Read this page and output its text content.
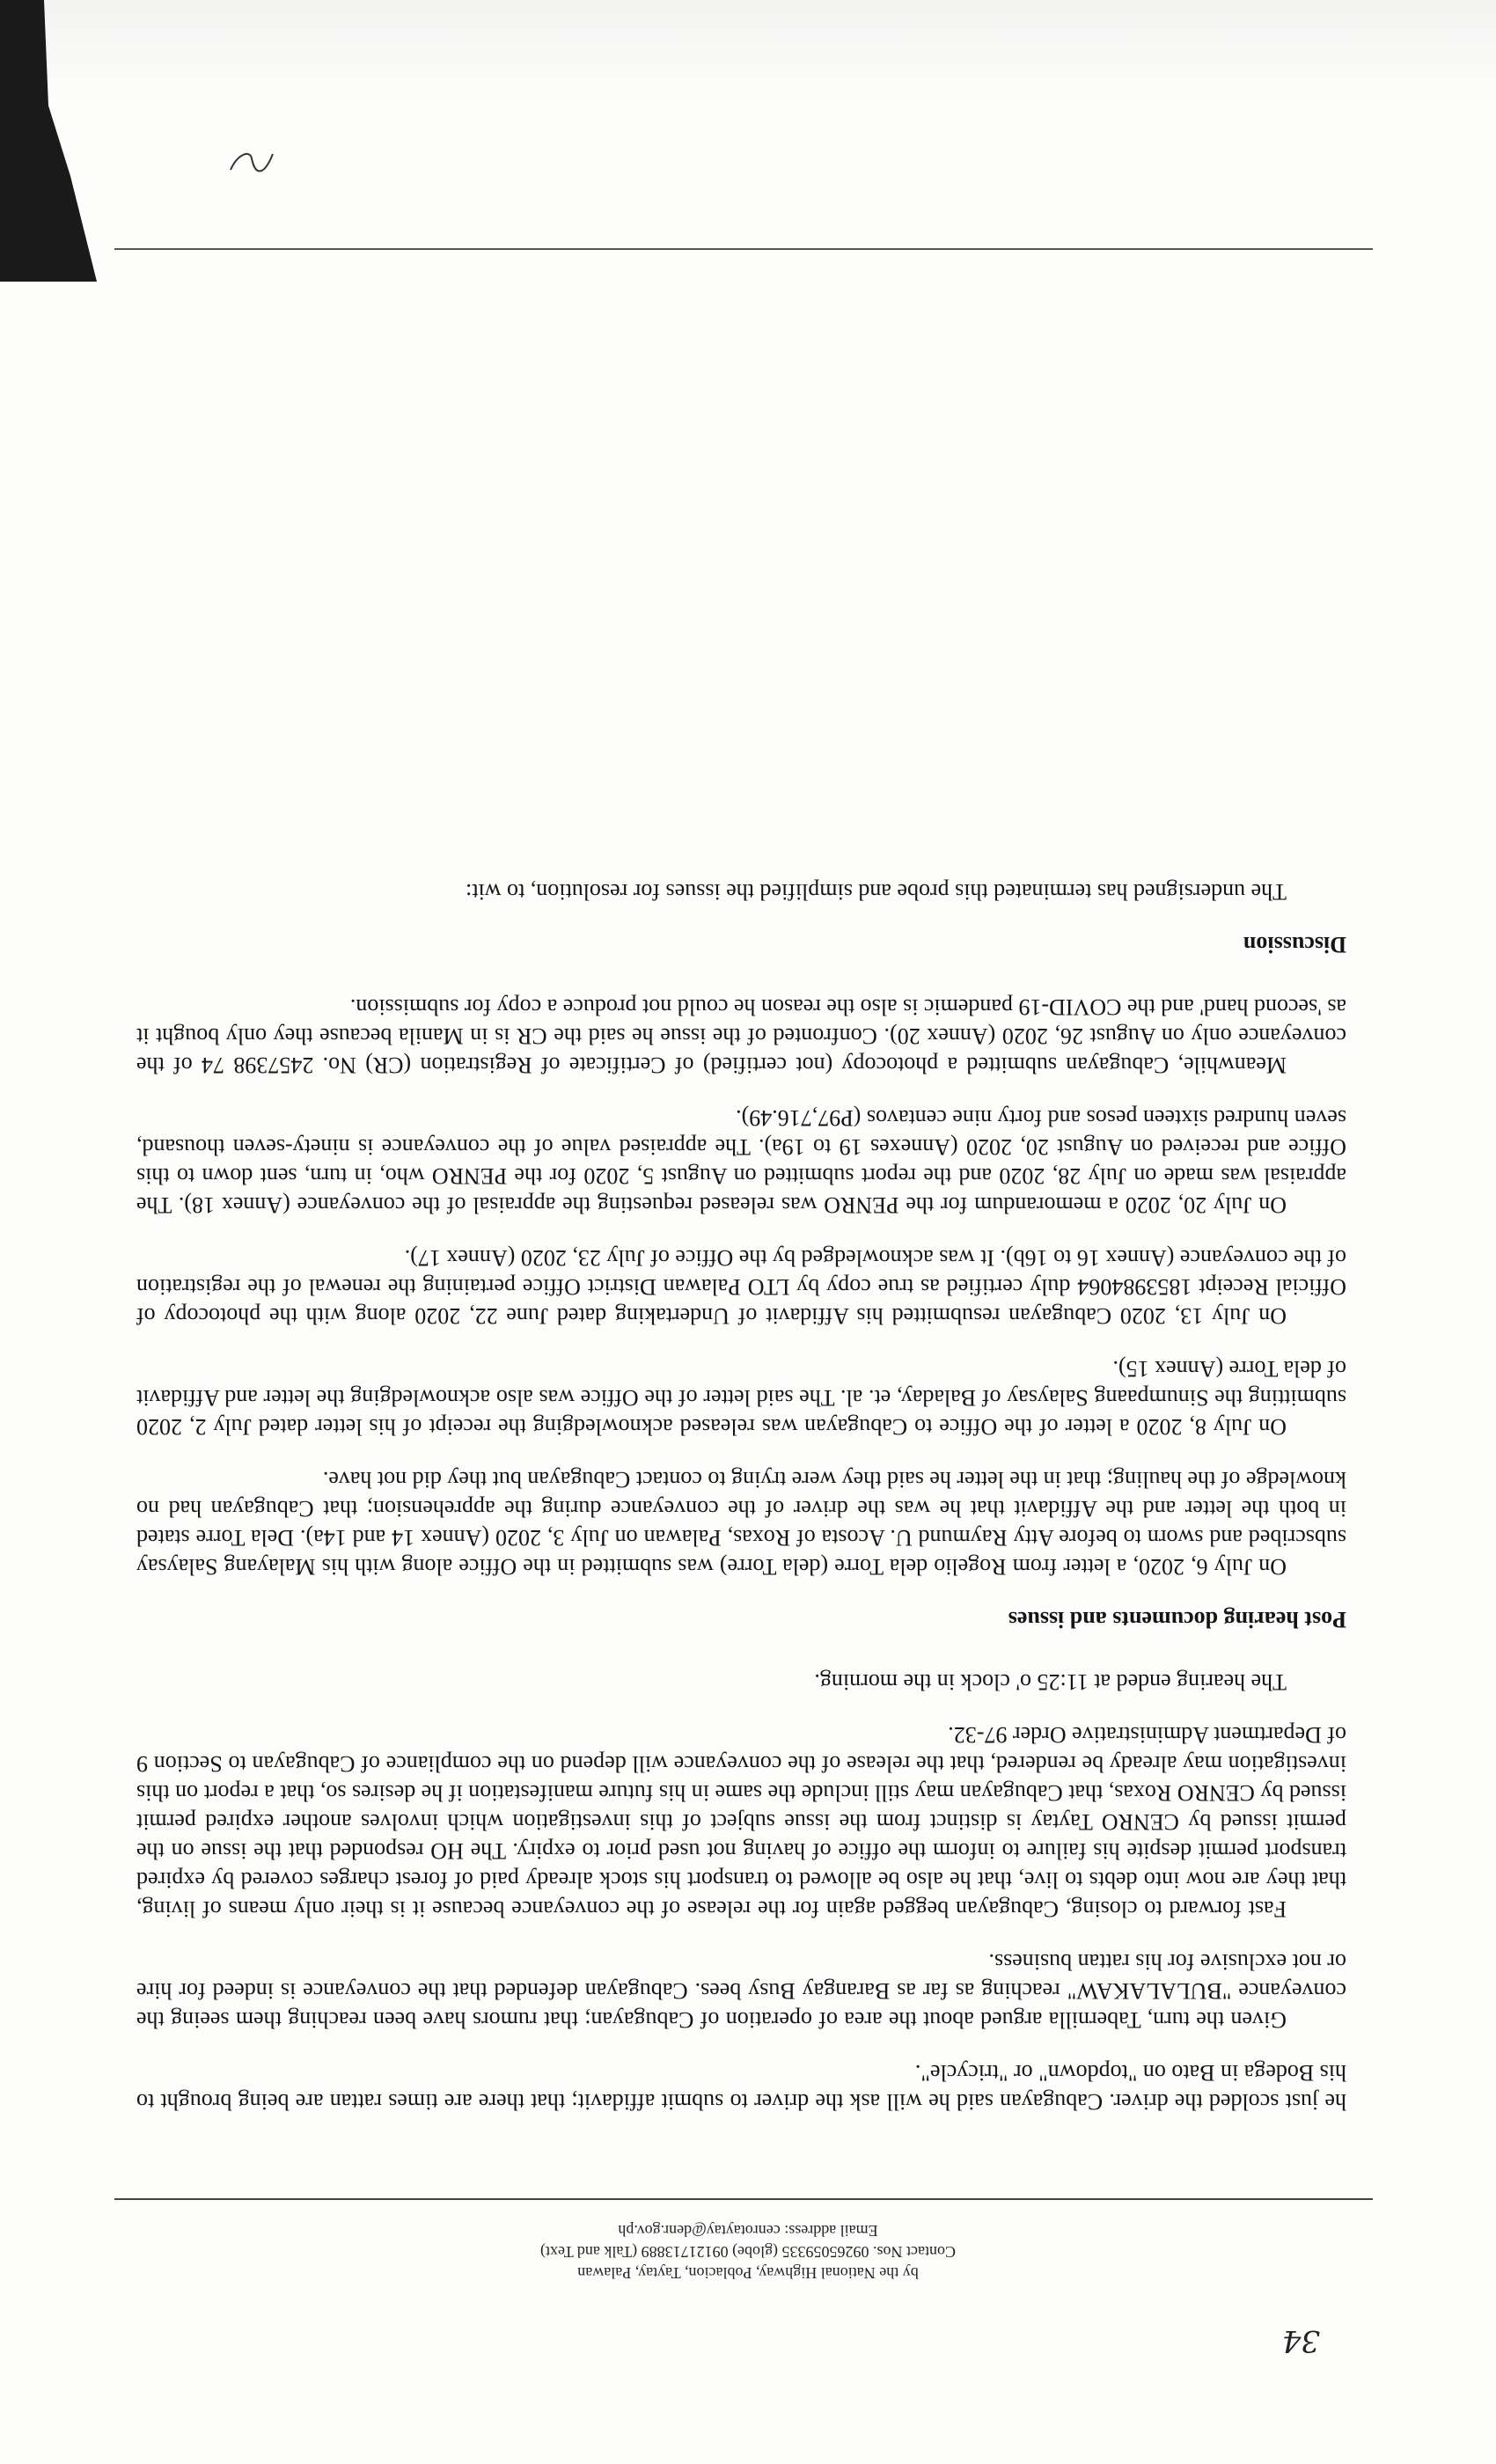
he just scolded the driver. Cabugayan said he will ask the driver to submit affidavit; that there are times rattan are being brought to his Bodega in Bato on "topdown" or "tricycle".

Given the turn, Tabernilla argued about the area of operation of Cabugayan; that rumors have been reaching them seeing the conveyance "BULALAKAW" reaching as far as Barangay Busy bees. Cabugayan defended that the conveyance is indeed for hire or not exclusive for his rattan business.

Fast forward to closing, Cabugayan begged again for the release of the conveyance because it is their only means of living, that they are now into debts to live, that he also be allowed to transport his stock already paid of forest charges covered by expired transport permit despite his failure to inform the office of having not used prior to expiry. The HO responded that the issue on the permit issued by CENRO Taytay is distinct from the issue subject of this investigation which involves another expired permit issued by CENRO Roxas, that Cabugayan may still include the same in his future manifestation if he desires so, that a report on this investigation may already be rendered, that the release of the conveyance will depend on the compliance of Cabugayan to Section 9 of Department Administrative Order 97-32.

The hearing ended at 11:25 o' clock in the morning.

Post hearing documents and issues

On July 6, 2020, a letter from Rogelio dela Torre (dela Torre) was submitted in the Office along with his Malayang Salaysay subscribed and sworn to before Atty Raymund U. Acosta of Roxas, Palawan on July 3, 2020 (Annex 14 and 14a). Dela Torre stated in both the letter and the Affidavit that he was the driver of the conveyance during the apprehension; that Cabugayan had no knowledge of the hauling; that in the letter he said they were trying to contact Cabugayan but they did not have.

On July 8, 2020 a letter of the Office to Cabugayan was released acknowledging the receipt of his letter dated July 2, 2020 submitting the Sinumpaang Salaysay of Baladay, et. al. The said letter of the Office was also acknowledging the letter and Affidavit of dela Torre (Annex 15).

On July 13, 2020 Cabugayan resubmitted his Affidavit of Undertaking dated June 22, 2020 along with the photocopy of Official Receipt 1853984064 duly certified as true copy by LTO Palawan District Office pertaining the renewal of the registration of the conveyance (Annex 16 to 16b). It was acknowledged by the Office of July 23, 2020 (Annex 17).

On July 20, 2020 a memorandum for the PENRO was released requesting the appraisal of the conveyance (Annex 18). The appraisal was made on July 28, 2020 and the report submitted on August 5, 2020 for the PENRO who, in turn, sent down to this Office and received on August 20, 2020 (Annexes 19 to 19a). The appraised value of the conveyance is ninety-seven thousand, seven hundred sixteen pesos and forty nine centavos (P97,716.49).

Meanwhile, Cabugayan submitted a photocopy (not certified) of Certificate of Registration (CR) No. 2457398 74 of the conveyance only on August 26, 2020 (Annex 20). Confronted of the issue he said the CR is in Manila because they only bought it as 'second hand' and the COVID-19 pandemic is also the reason he could not produce a copy for submission.

Discussion

The undersigned has terminated this probe and simplified the issues for resolution, to wit:

by the National Highway, Poblacion, Taytay, Palawan
Contact Nos. 09265059335 (globe) 09121713889 (Talk and Text)
Email address: cenrotaytay@denr.gov.ph
34
